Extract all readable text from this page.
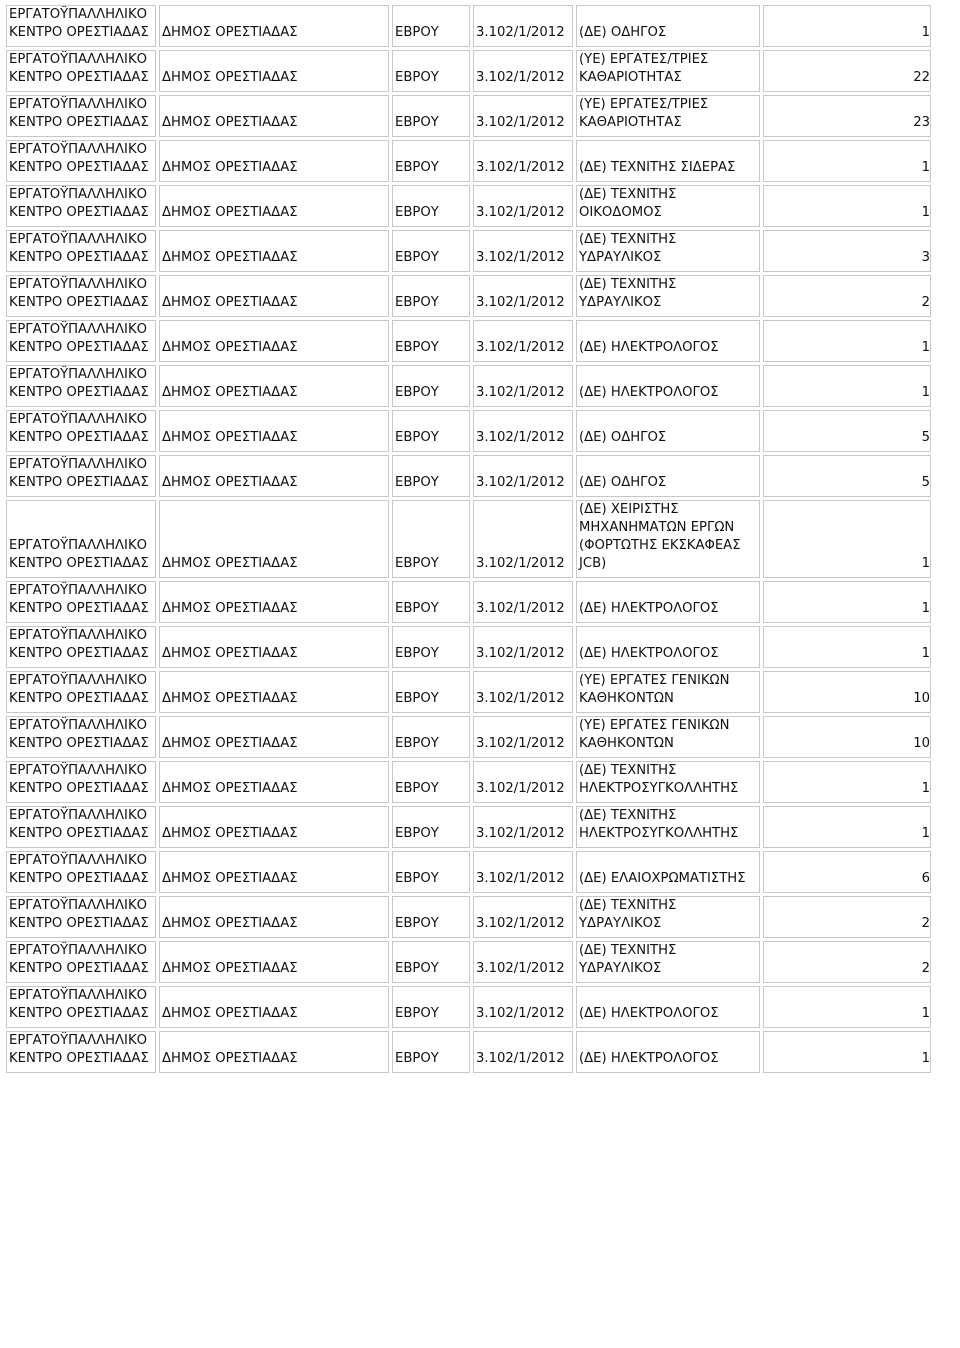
ΕΡΓΑΤΟΫΠΑΛΛΗΛΙΚΟ ΚΕΝΤΡΟ ΟΡΕΣΤΙΑΔΑΣ	ΔΗΜΟΣ ΟΡΕΣΤΙΑΔΑΣ	ΕΒΡΟΥ	3.102/1/2012	(ΔΕ) ΟΔΗΓΟΣ	1
ΕΡΓΑΤΟΫΠΑΛΛΗΛΙΚΟ ΚΕΝΤΡΟ ΟΡΕΣΤΙΑΔΑΣ	ΔΗΜΟΣ ΟΡΕΣΤΙΑΔΑΣ	ΕΒΡΟΥ	3.102/1/2012	(ΥΕ) ΕΡΓΑΤΕΣ/ΤΡΙΕΣ ΚΑΘΑΡΙΟΤΗΤΑΣ	22
ΕΡΓΑΤΟΫΠΑΛΛΗΛΙΚΟ ΚΕΝΤΡΟ ΟΡΕΣΤΙΑΔΑΣ	ΔΗΜΟΣ ΟΡΕΣΤΙΑΔΑΣ	ΕΒΡΟΥ	3.102/1/2012	(ΥΕ) ΕΡΓΑΤΕΣ/ΤΡΙΕΣ ΚΑΘΑΡΙΟΤΗΤΑΣ	23
ΕΡΓΑΤΟΫΠΑΛΛΗΛΙΚΟ ΚΕΝΤΡΟ ΟΡΕΣΤΙΑΔΑΣ	ΔΗΜΟΣ ΟΡΕΣΤΙΑΔΑΣ	ΕΒΡΟΥ	3.102/1/2012	(ΔΕ) ΤΕΧΝΙΤΗΣ ΣΙΔΕΡΑΣ	1
ΕΡΓΑΤΟΫΠΑΛΛΗΛΙΚΟ ΚΕΝΤΡΟ ΟΡΕΣΤΙΑΔΑΣ	ΔΗΜΟΣ ΟΡΕΣΤΙΑΔΑΣ	ΕΒΡΟΥ	3.102/1/2012	(ΔΕ) ΤΕΧΝΙΤΗΣ ΟΙΚΟΔΟΜΟΣ	1
ΕΡΓΑΤΟΫΠΑΛΛΗΛΙΚΟ ΚΕΝΤΡΟ ΟΡΕΣΤΙΑΔΑΣ	ΔΗΜΟΣ ΟΡΕΣΤΙΑΔΑΣ	ΕΒΡΟΥ	3.102/1/2012	(ΔΕ) ΤΕΧΝΙΤΗΣ ΥΔΡΑΥΛΙΚΟΣ	3
ΕΡΓΑΤΟΫΠΑΛΛΗΛΙΚΟ ΚΕΝΤΡΟ ΟΡΕΣΤΙΑΔΑΣ	ΔΗΜΟΣ ΟΡΕΣΤΙΑΔΑΣ	ΕΒΡΟΥ	3.102/1/2012	(ΔΕ) ΤΕΧΝΙΤΗΣ ΥΔΡΑΥΛΙΚΟΣ	2
ΕΡΓΑΤΟΫΠΑΛΛΗΛΙΚΟ ΚΕΝΤΡΟ ΟΡΕΣΤΙΑΔΑΣ	ΔΗΜΟΣ ΟΡΕΣΤΙΑΔΑΣ	ΕΒΡΟΥ	3.102/1/2012	(ΔΕ) ΗΛΕΚΤΡΟΛΟΓΟΣ	1
ΕΡΓΑΤΟΫΠΑΛΛΗΛΙΚΟ ΚΕΝΤΡΟ ΟΡΕΣΤΙΑΔΑΣ	ΔΗΜΟΣ ΟΡΕΣΤΙΑΔΑΣ	ΕΒΡΟΥ	3.102/1/2012	(ΔΕ) ΗΛΕΚΤΡΟΛΟΓΟΣ	1
ΕΡΓΑΤΟΫΠΑΛΛΗΛΙΚΟ ΚΕΝΤΡΟ ΟΡΕΣΤΙΑΔΑΣ	ΔΗΜΟΣ ΟΡΕΣΤΙΑΔΑΣ	ΕΒΡΟΥ	3.102/1/2012	(ΔΕ) ΟΔΗΓΟΣ	5
ΕΡΓΑΤΟΫΠΑΛΛΗΛΙΚΟ ΚΕΝΤΡΟ ΟΡΕΣΤΙΑΔΑΣ	ΔΗΜΟΣ ΟΡΕΣΤΙΑΔΑΣ	ΕΒΡΟΥ	3.102/1/2012	(ΔΕ) ΟΔΗΓΟΣ	5
ΕΡΓΑΤΟΫΠΑΛΛΗΛΙΚΟ ΚΕΝΤΡΟ ΟΡΕΣΤΙΑΔΑΣ	ΔΗΜΟΣ ΟΡΕΣΤΙΑΔΑΣ	ΕΒΡΟΥ	3.102/1/2012	(ΔΕ) ΧΕΙΡΙΣΤΗΣ ΜΗΧΑΝΗΜΑΤΩΝ ΕΡΓΩΝ (ΦΟΡΤΩΤΗΣ ΕΚΣΚΑΦΕΑΣ JCB)	1
ΕΡΓΑΤΟΫΠΑΛΛΗΛΙΚΟ ΚΕΝΤΡΟ ΟΡΕΣΤΙΑΔΑΣ	ΔΗΜΟΣ ΟΡΕΣΤΙΑΔΑΣ	ΕΒΡΟΥ	3.102/1/2012	(ΔΕ) ΗΛΕΚΤΡΟΛΟΓΟΣ	1
ΕΡΓΑΤΟΫΠΑΛΛΗΛΙΚΟ ΚΕΝΤΡΟ ΟΡΕΣΤΙΑΔΑΣ	ΔΗΜΟΣ ΟΡΕΣΤΙΑΔΑΣ	ΕΒΡΟΥ	3.102/1/2012	(ΔΕ) ΗΛΕΚΤΡΟΛΟΓΟΣ	1
ΕΡΓΑΤΟΫΠΑΛΛΗΛΙΚΟ ΚΕΝΤΡΟ ΟΡΕΣΤΙΑΔΑΣ	ΔΗΜΟΣ ΟΡΕΣΤΙΑΔΑΣ	ΕΒΡΟΥ	3.102/1/2012	(ΥΕ) ΕΡΓΑΤΕΣ ΓΕΝΙΚΩΝ ΚΑΘΗΚΟΝΤΩΝ	10
ΕΡΓΑΤΟΫΠΑΛΛΗΛΙΚΟ ΚΕΝΤΡΟ ΟΡΕΣΤΙΑΔΑΣ	ΔΗΜΟΣ ΟΡΕΣΤΙΑΔΑΣ	ΕΒΡΟΥ	3.102/1/2012	(ΥΕ) ΕΡΓΑΤΕΣ ΓΕΝΙΚΩΝ ΚΑΘΗΚΟΝΤΩΝ	10
ΕΡΓΑΤΟΫΠΑΛΛΗΛΙΚΟ ΚΕΝΤΡΟ ΟΡΕΣΤΙΑΔΑΣ	ΔΗΜΟΣ ΟΡΕΣΤΙΑΔΑΣ	ΕΒΡΟΥ	3.102/1/2012	(ΔΕ) ΤΕΧΝΙΤΗΣ ΗΛΕΚΤΡΟΣΥΓΚΟΛΛΗΤΗΣ	1
ΕΡΓΑΤΟΫΠΑΛΛΗΛΙΚΟ ΚΕΝΤΡΟ ΟΡΕΣΤΙΑΔΑΣ	ΔΗΜΟΣ ΟΡΕΣΤΙΑΔΑΣ	ΕΒΡΟΥ	3.102/1/2012	(ΔΕ) ΤΕΧΝΙΤΗΣ ΗΛΕΚΤΡΟΣΥΓΚΟΛΛΗΤΗΣ	1
ΕΡΓΑΤΟΫΠΑΛΛΗΛΙΚΟ ΚΕΝΤΡΟ ΟΡΕΣΤΙΑΔΑΣ	ΔΗΜΟΣ ΟΡΕΣΤΙΑΔΑΣ	ΕΒΡΟΥ	3.102/1/2012	(ΔΕ) ΕΛΑΙΟΧΡΩΜΑΤΙΣΤΗΣ	6
ΕΡΓΑΤΟΫΠΑΛΛΗΛΙΚΟ ΚΕΝΤΡΟ ΟΡΕΣΤΙΑΔΑΣ	ΔΗΜΟΣ ΟΡΕΣΤΙΑΔΑΣ	ΕΒΡΟΥ	3.102/1/2012	(ΔΕ) ΤΕΧΝΙΤΗΣ ΥΔΡΑΥΛΙΚΟΣ	2
ΕΡΓΑΤΟΫΠΑΛΛΗΛΙΚΟ ΚΕΝΤΡΟ ΟΡΕΣΤΙΑΔΑΣ	ΔΗΜΟΣ ΟΡΕΣΤΙΑΔΑΣ	ΕΒΡΟΥ	3.102/1/2012	(ΔΕ) ΤΕΧΝΙΤΗΣ ΥΔΡΑΥΛΙΚΟΣ	2
ΕΡΓΑΤΟΫΠΑΛΛΗΛΙΚΟ ΚΕΝΤΡΟ ΟΡΕΣΤΙΑΔΑΣ	ΔΗΜΟΣ ΟΡΕΣΤΙΑΔΑΣ	ΕΒΡΟΥ	3.102/1/2012	(ΔΕ) ΗΛΕΚΤΡΟΛΟΓΟΣ	1
ΕΡΓΑΤΟΫΠΑΛΛΗΛΙΚΟ ΚΕΝΤΡΟ ΟΡΕΣΤΙΑΔΑΣ	ΔΗΜΟΣ ΟΡΕΣΤΙΑΔΑΣ	ΕΒΡΟΥ	3.102/1/2012	(ΔΕ) ΗΛΕΚΤΡΟΛΟΓΟΣ	1
